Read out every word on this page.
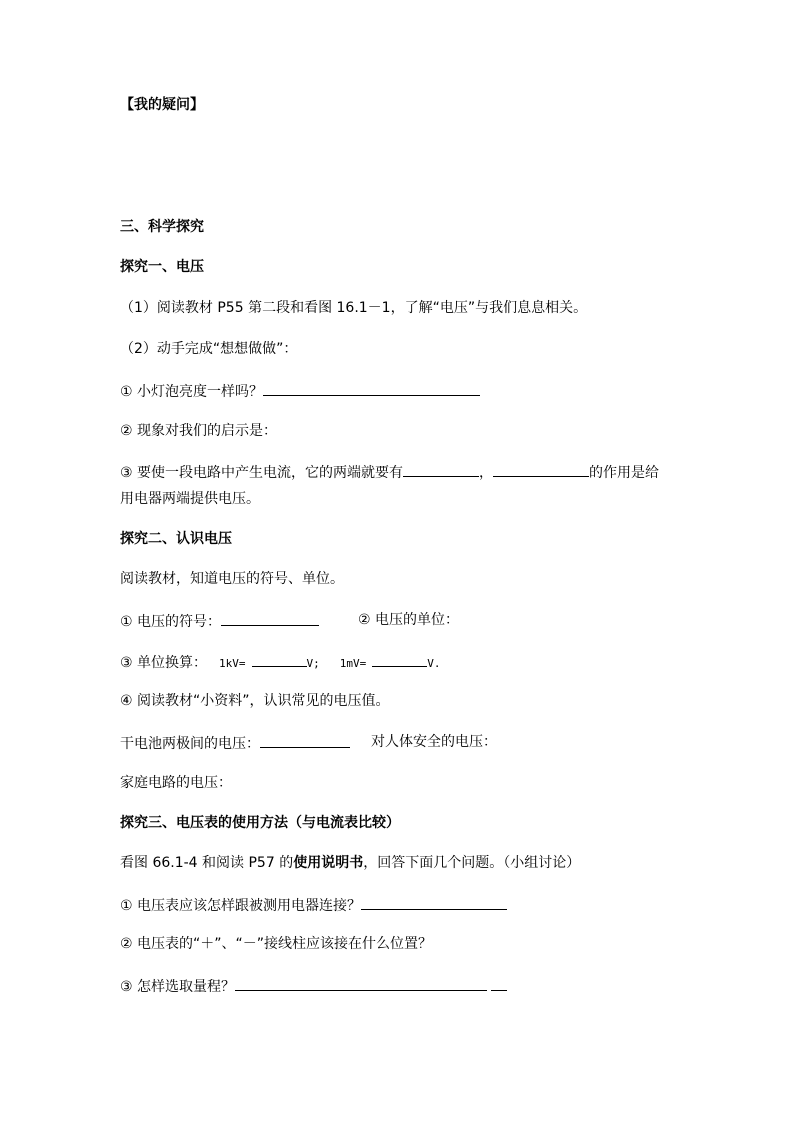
【我的疑问】
三、科学探究
探究一、电压
（1）阅读教材 P55 第二段和看图 16.1－1，了解“电压”与我们息息相关。
（2）动手完成“想想做做”：
① 小灯泡亮度一样吗？
② 现象对我们的启示是：
③ 要使一段电路中产生电流，它的两端就要有	，	的作用是给
用电器两端提供电压。
探究二、认识电压
阅读教材，知道电压的符号、单位。
① 电压的符号：	② 电压的单位：
③ 单位换算： 1kV=	V; 1mV=	V.
④ 阅读教材“小资料”，认识常见的电压值。
干电池两极间的电压：	对人体安全的电压：
家庭电路的电压：
探究三、电压表的使用方法（与电流表比较）
看图 66.1-4 和阅读 P57 的使用说明书，回答下面几个问题。（小组讨论）
① 电压表应该怎样跟被测用电器连接？
② 电压表的“＋”、“－”接线柱应该接在什么位置？
③ 怎样选取量程？
